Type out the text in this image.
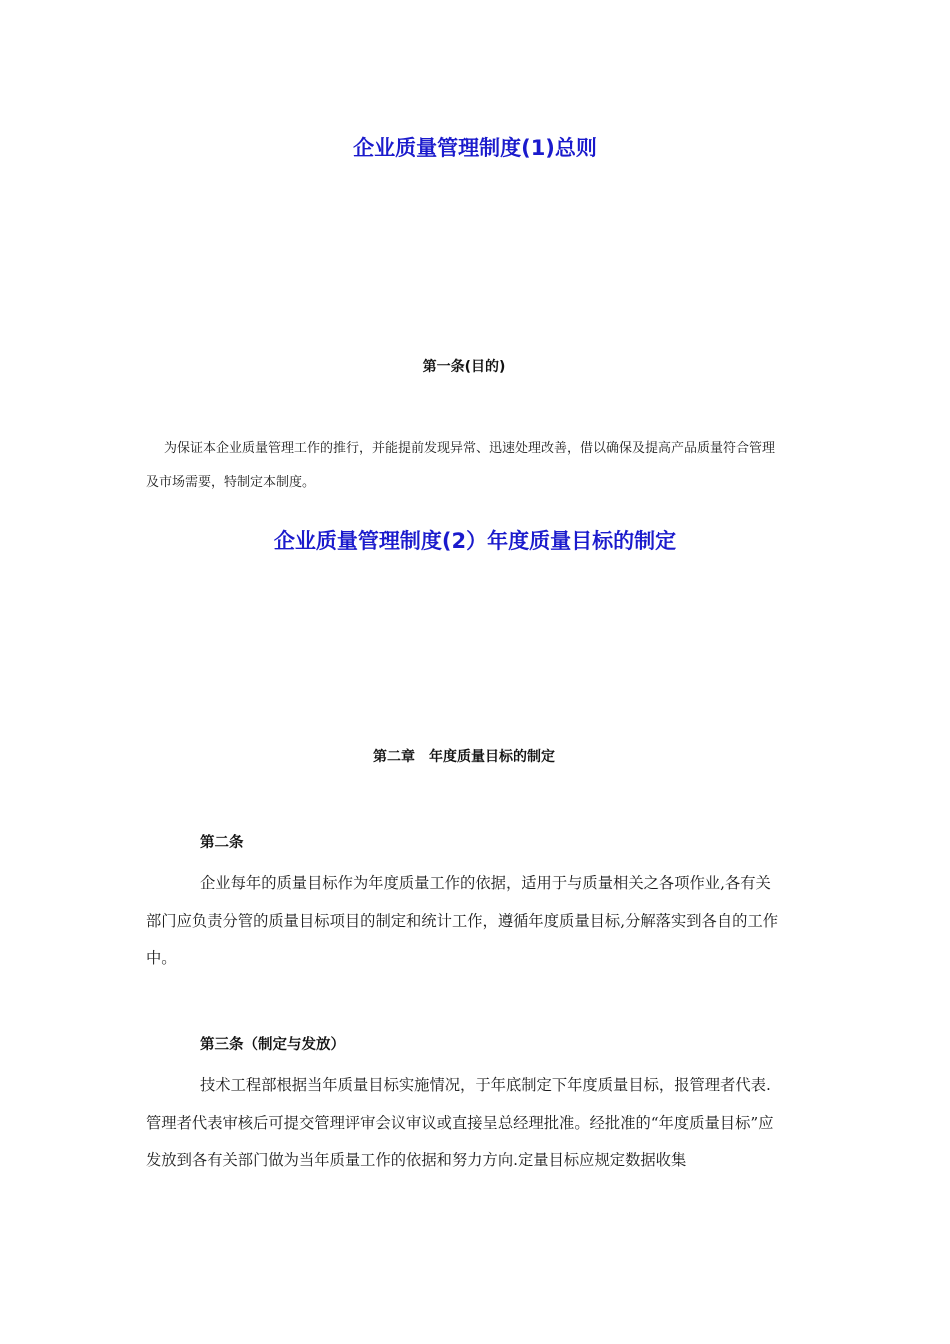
企业质量管理制度(1)总则
第一条(目的)

为保证本企业质量管理工作的推行，并能提前发现异常、迅速处理改善，借以确保及提高产品质量符合管理及市场需要，特制定本制度。

企业质量管理制度(2）年度质量目标的制定
第二章　年度质量目标的制定
第二条

企业每年的质量目标作为年度质量工作的依据，适用于与质量相关之各项作业,各有关部门应负责分管的质量目标项目的制定和统计工作，遵循年度质量目标,分解落实到各自的工作中。

第三条（制定与发放）

技术工程部根据当年质量目标实施情况，于年底制定下年度质量目标，报管理者代表.管理者代表审核后可提交管理评审会议审议或直接呈总经理批准。经批准的“年度质量目标”应发放到各有关部门做为当年质量工作的依据和努力方向.定量目标应规定数据收集
